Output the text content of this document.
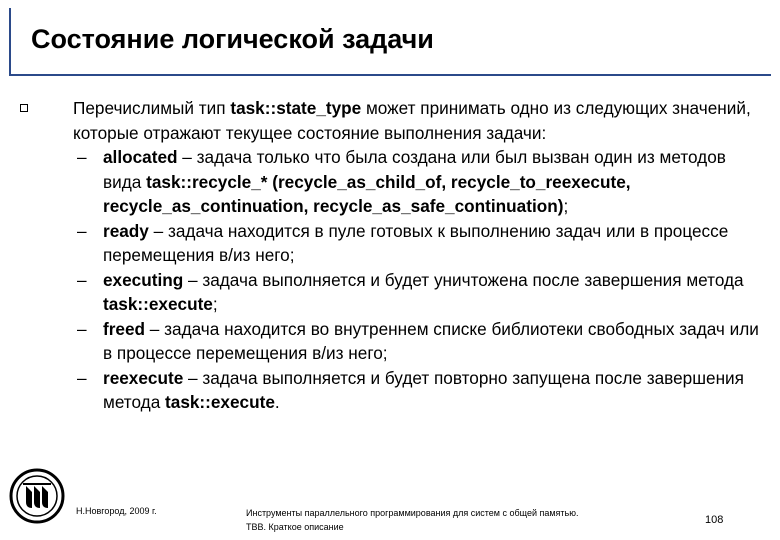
Состояние логической задачи
Перечислимый тип task::state_type может принимать одно из следующих значений, которые отражают текущее состояние выполнения задачи:
– allocated – задача только что была создана или был вызван один из методов вида task::recycle_* (recycle_as_child_of, recycle_to_reexecute, recycle_as_continuation, recycle_as_safe_continuation);
– ready – задача находится в пуле готовых к выполнению задач или в процессе перемещения в/из него;
– executing – задача выполняется и будет уничтожена после завершения метода task::execute;
– freed – задача находится во внутреннем списке библиотеки свободных задач или в процессе перемещения в/из него;
– reexecute – задача выполняется и будет повторно запущена после завершения метода task::execute.
Н.Новгород, 2009 г.	Инструменты параллельного программирования для систем с общей памятью.
TBB. Краткое описание
108
